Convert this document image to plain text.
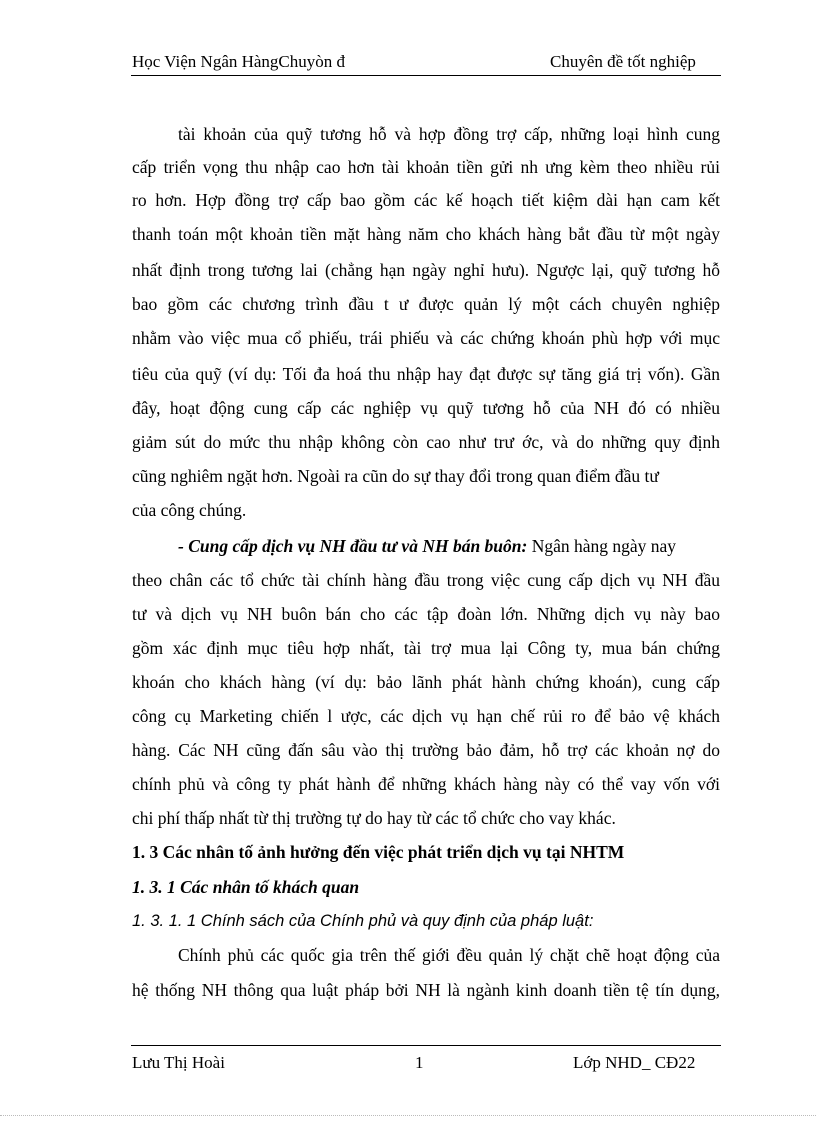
Học Viện Ngân HàngChuyòn đ	Chuyên đề tốt nghiệp
tài khoản của quỹ tương hỗ và hợp đồng trợ cấp, những loại hình cung
cấp triển vọng thu nhập cao hơn tài khoản tiền gửi nh ưng kèm theo nhiều rủi
ro hơn. Hợp đồng trợ cấp bao gồm các kế hoạch tiết kiệm dài hạn cam kết
thanh toán một khoản tiền mặt hàng năm cho khách hàng bắt đầu từ một ngày
nhất định trong tương lai (chẳng hạn ngày nghỉ hưu). Ngược lại, quỹ tương hỗ
bao gồm các chương trình đầu t ư được quản lý một cách chuyên nghiệp
nhằm vào việc mua cổ phiếu, trái phiếu và các chứng khoán phù hợp với mục
tiêu của quỹ (ví dụ: Tối đa hoá thu nhập hay đạt được sự tăng giá trị vốn). Gần
đây, hoạt động cung cấp các nghiệp vụ quỹ tương hỗ của NH đó có nhiều
giảm sút do mức thu nhập không còn cao như trư ớc, và do những quy định
cũng nghiêm ngặt hơn. Ngoài ra cũn do sự thay đổi trong quan điểm đầu tư
của công chúng.
- Cung cấp dịch vụ NH đầu tư và NH bán buôn: Ngân hàng ngày nay
theo chân các tổ chức tài chính hàng đầu trong việc cung cấp dịch vụ NH đầu
tư và dịch vụ NH buôn bán cho các tập đoàn lớn. Những dịch vụ này bao
gồm xác định mục tiêu hợp nhất, tài trợ mua lại Công ty, mua bán chứng
khoán cho khách hàng (ví dụ: bảo lãnh phát hành chứng khoán), cung cấp
công cụ Marketing chiến l ược, các dịch vụ hạn chế rủi ro để bảo vệ khách
hàng. Các NH cũng đấn sâu vào thị trường bảo đảm, hỗ trợ các khoản nợ do
chính phủ và công ty phát hành để những khách hàng này có thể vay vốn với
chi phí thấp nhất từ thị trường tự do hay từ các tổ chức cho vay khác.
1. 3 Các nhân tố ảnh hưởng đến việc phát triển dịch vụ tại NHTM
1. 3. 1 Các nhân tố khách quan
1. 3. 1. 1 Chính sách của Chính phủ và quy định của pháp luật:
Chính phủ các quốc gia trên thế giới đều quản lý chặt chẽ hoạt động của
hệ thống NH thông qua luật pháp bởi NH là ngành kinh doanh tiền tệ tín dụng,
Lưu Thị Hoài	1	Lớp NHD_ CĐ22
